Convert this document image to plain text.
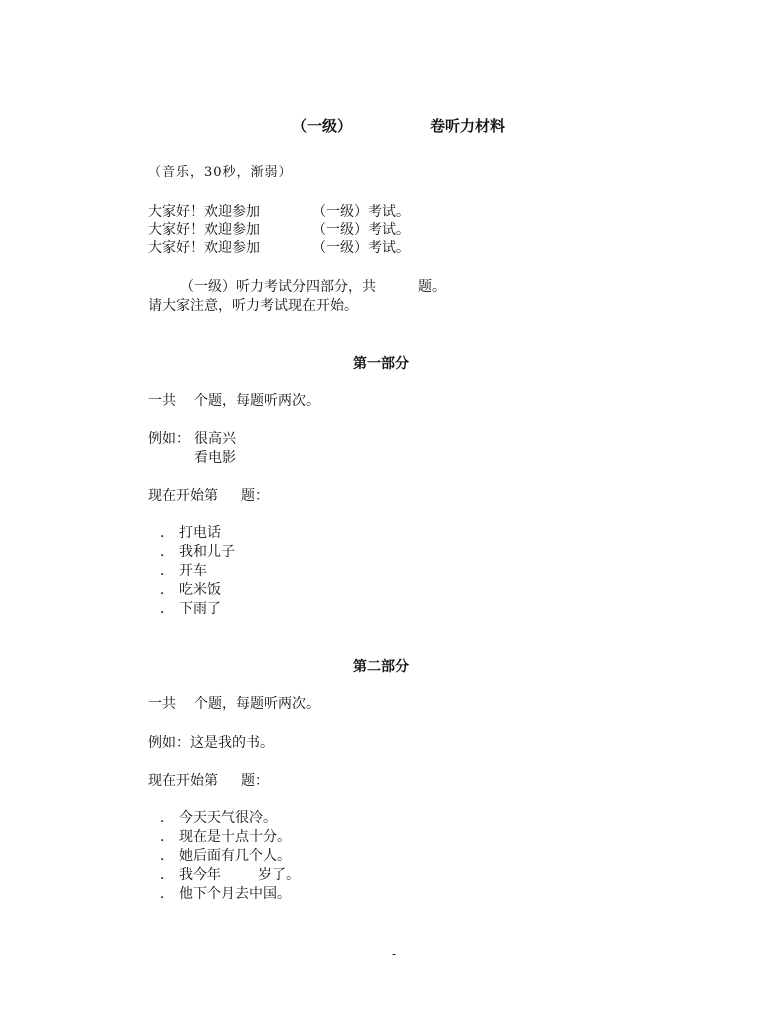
（一级）	卷听力材料
（音乐，30秒，渐弱）
大家好！欢迎参加	（一级）考试。
大家好！欢迎参加	（一级）考试。
大家好！欢迎参加	（一级）考试。
（一级）听力考试分四部分，共	题。
请大家注意，听力考试现在开始。
第一部分
一共 个题，每题听两次。
例如： 很高兴
看电影
现在开始第 题：
． 打电话
． 我和儿子
． 开车
． 吃米饭
． 下雨了
第二部分
一共 个题，每题听两次。
例如：这是我的书。
现在开始第 题：
． 今天天气很冷。
． 现在是十点十分。
． 她后面有几个人。
． 我今年	岁了。
． 他下个月去中国。
-
